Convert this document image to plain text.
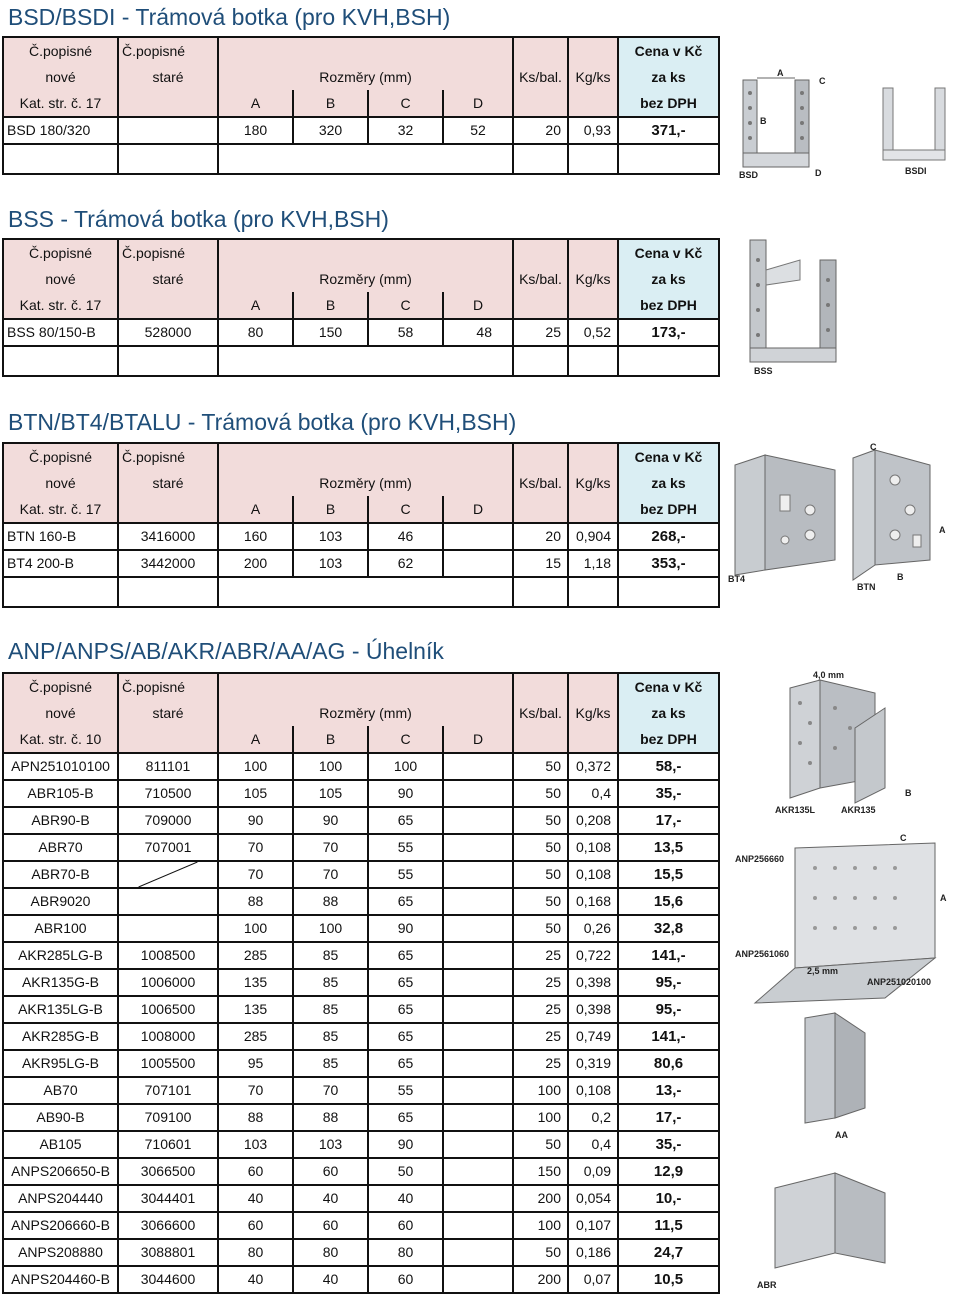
BSD/BSDI - Trámová botka (pro KVH,BSH)
Č.popisné	Č.popisné							Cena v Kč
nové	staré	Rozměry (mm)				Ks/bal.	Kg/ks	za ks
Kat. str. č. 17		A	B	C	D			bez DPH
BSD 180/320		180	320	32	52	20	0,93	371,-

BSD	BSDI
A
B
C
D
BSS - Trámová botka (pro KVH,BSH)
Č.popisné	Č.popisné							Cena v Kč
nové	staré	Rozměry (mm)				Ks/bal.	Kg/ks	za ks
Kat. str. č. 17		A	B	C	D			bez DPH
BSS 80/150-B	528000	80	150	58	48	25	0,52	173,-

BSS
BTN/BT4/BTALU - Trámová botka (pro KVH,BSH)
Č.popisné	Č.popisné							Cena v Kč
nové	staré	Rozměry (mm)				Ks/bal.	Kg/ks	za ks
Kat. str. č. 17		A	B	C	D			bez DPH
BTN 160-B	3416000	160	103	46		20	0,904	268,-
BT4 200-B	3442000	200	103	62		15	1,18	353,-

BT4
BTN
A
B
C
ANP/ANPS/AB/AKR/ABR/AA/AG - Úhelník
Č.popisné	Č.popisné							Cena v Kč
nové	staré	Rozměry (mm)				Ks/bal.	Kg/ks	za ks
Kat. str. č. 10		A	B	C	D			bez DPH
APN251010100	811101	100	100	100		50	0,372	58,-
ABR105-B	710500	105	105	90		50	0,4	35,-
ABR90-B	709000	90	90	65		50	0,208	17,-
ABR70	707001	70	70	55		50	0,108	13,5
ABR70-B		70	70	55		50	0,108	15,5
ABR9020		88	88	65		50	0,168	15,6
ABR100		100	100	90		50	0,26	32,8
AKR285LG-B	1008500	285	85	65		25	0,722	141,-
AKR135G-B	1006000	135	85	65		25	0,398	95,-
AKR135LG-B	1006500	135	85	65		25	0,398	95,-
AKR285G-B	1008000	285	85	65		25	0,749	141,-
AKR95LG-B	1005500	95	85	65		25	0,319	80,6
AB70	707101	70	70	55		100	0,108	13,-
AB90-B	709100	88	88	65		100	0,2	17,-
AB105	710601	103	103	90		50	0,4	35,-
ANPS206650-B	3066500	60	60	50		150	0,09	12,9
ANPS204440	3044401	40	40	40		200	0,054	10,-
ANPS206660-B	3066600	60	60	60		100	0,107	11,5
ANPS208880	3088801	80	80	80		50	0,186	24,7
ANPS204460-B	3044600	40	40	60		200	0,07	10,5
4,0 mm
AKR135L	AKR135
ANP256660
ANP2561060
2,5 mm
ANP251020100
AA
ABR
A
B
C
